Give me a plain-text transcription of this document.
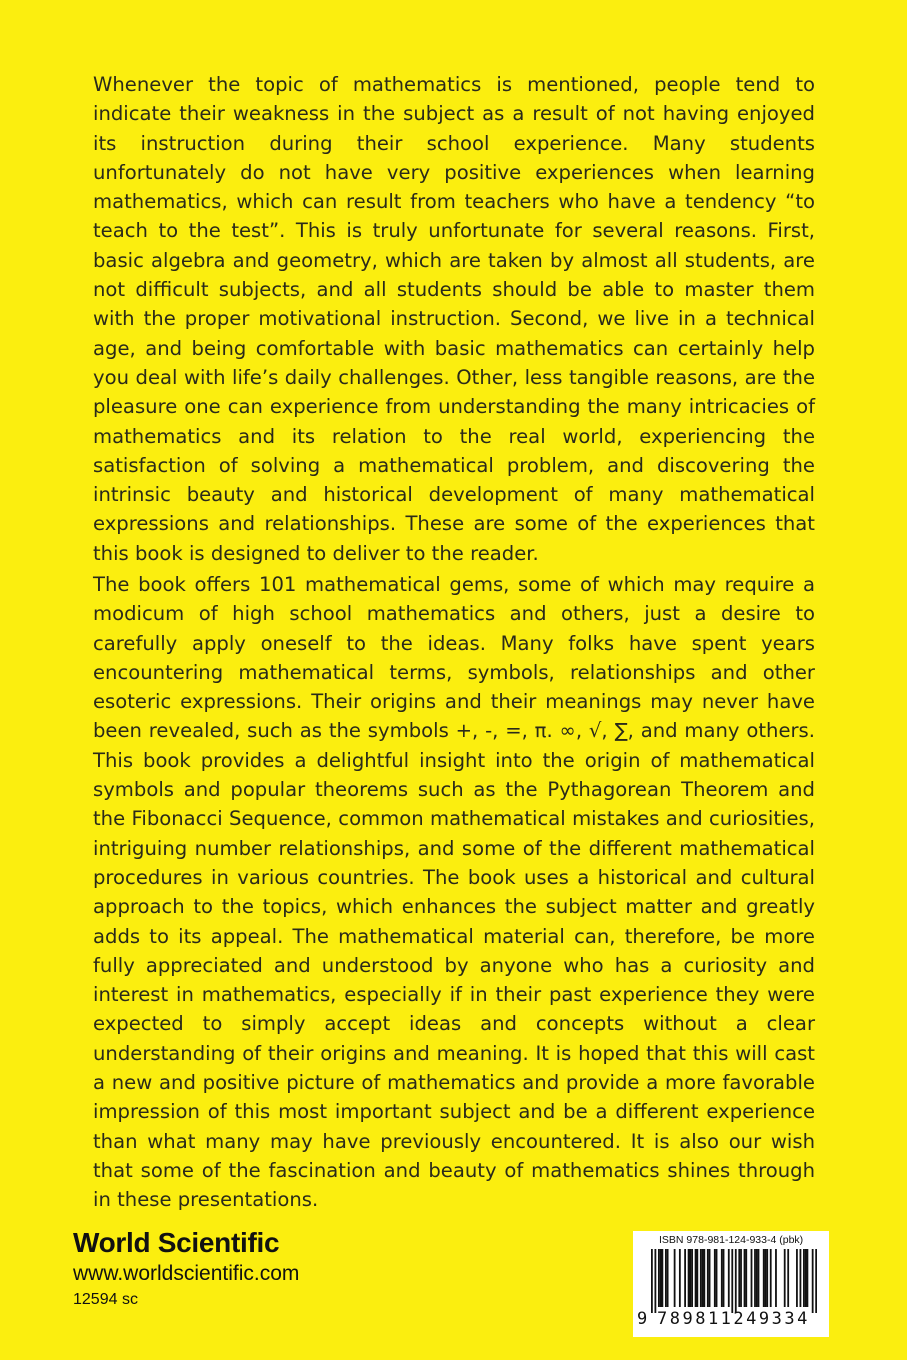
Whenever the topic of mathematics is mentioned, people tend to indicate their weakness in the subject as a result of not having enjoyed its instruction during their school experience. Many students unfortunately do not have very positive experiences when learning mathematics, which can result from teachers who have a tendency “to teach to the test”. This is truly unfortunate for several reasons. First, basic algebra and geometry, which are taken by almost all students, are not difficult subjects, and all students should be able to master them with the proper motivational instruction. Second, we live in a technical age, and being comfortable with basic mathematics can certainly help you deal with life’s daily challenges. Other, less tangible reasons, are the pleasure one can experience from understanding the many intricacies of mathematics and its relation to the real world, experiencing the satisfaction of solving a mathematical problem, and discovering the intrinsic beauty and historical development of many mathematical expressions and relationships. These are some of the experiences that this book is designed to deliver to the reader.

The book offers 101 mathematical gems, some of which may require a modicum of high school mathematics and others, just a desire to carefully apply oneself to the ideas. Many folks have spent years encountering mathematical terms, symbols, relationships and other esoteric expressions. Their origins and their meanings may never have been revealed, such as the symbols +, -, =, π. ∞, √, ∑, and many others. This book provides a delightful insight into the origin of mathematical symbols and popular theorems such as the Pythagorean Theorem and the Fibonacci Sequence, common mathematical mistakes and curiosities, intriguing number relationships, and some of the different mathematical procedures in various countries. The book uses a historical and cultural approach to the topics, which enhances the subject matter and greatly adds to its appeal. The mathematical material can, therefore, be more fully appreciated and understood by anyone who has a curiosity and interest in mathematics, especially if in their past experience they were expected to simply accept ideas and concepts without a clear understanding of their origins and meaning. It is hoped that this will cast a new and positive picture of mathematics and provide a more favorable impression of this most important subject and be a different experience than what many may have previously encountered. It is also our wish that some of the fascination and beauty of mathematics shines through in these presentations.

World Scientific
www.worldscientific.com
12594 sc
ISBN 978-981-124-933-4 (pbk)
9 789811249334
